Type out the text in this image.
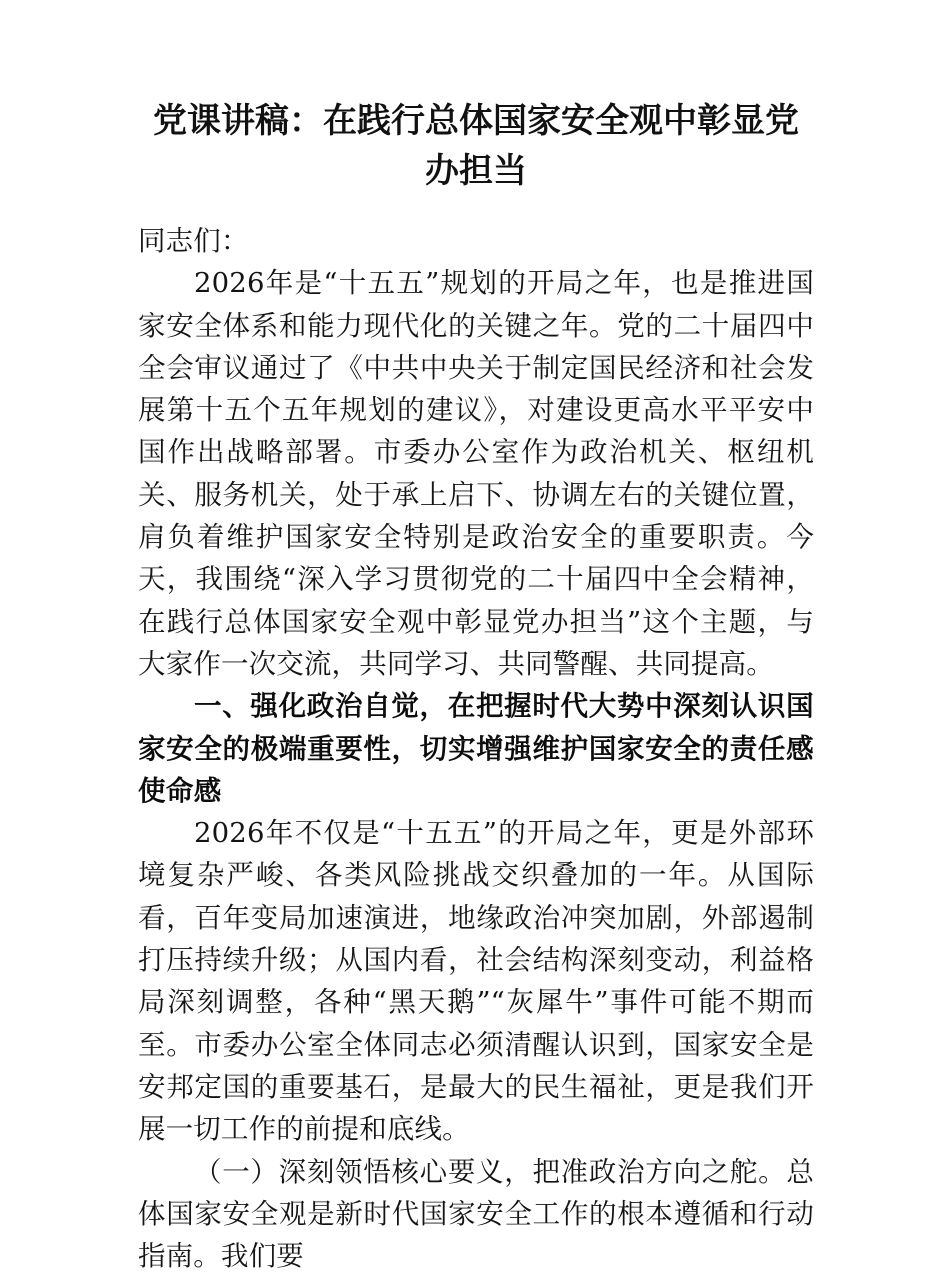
党课讲稿：在践行总体国家安全观中彰显党办担当

同志们：

2026年是“十五五”规划的开局之年，也是推进国家安全体系和能力现代化的关键之年。党的二十届四中全会审议通过了《中共中央关于制定国民经济和社会发展第十五个五年规划的建议》，对建设更高水平平安中国作出战略部署。市委办公室作为政治机关、枢纽机关、服务机关，处于承上启下、协调左右的关键位置，肩负着维护国家安全特别是政治安全的重要职责。今天，我围绕“深入学习贯彻党的二十届四中全会精神，在践行总体国家安全观中彰显党办担当”这个主题，与大家作一次交流，共同学习、共同警醒、共同提高。

一、强化政治自觉，在把握时代大势中深刻认识国家安全的极端重要性，切实增强维护国家安全的责任感使命感

2026年不仅是“十五五”的开局之年，更是外部环境复杂严峻、各类风险挑战交织叠加的一年。从国际看，百年变局加速演进，地缘政治冲突加剧，外部遏制打压持续升级；从国内看，社会结构深刻变动，利益格局深刻调整，各种“黑天鹅”“灰犀牛”事件可能不期而至。市委办公室全体同志必须清醒认识到，国家安全是安邦定国的重要基石，是最大的民生福祉，更是我们开展一切工作的前提和底线。

（一）深刻领悟核心要义，把准政治方向之舵。总体国家安全观是新时代国家安全工作的根本遵循和行动指南。我们要
